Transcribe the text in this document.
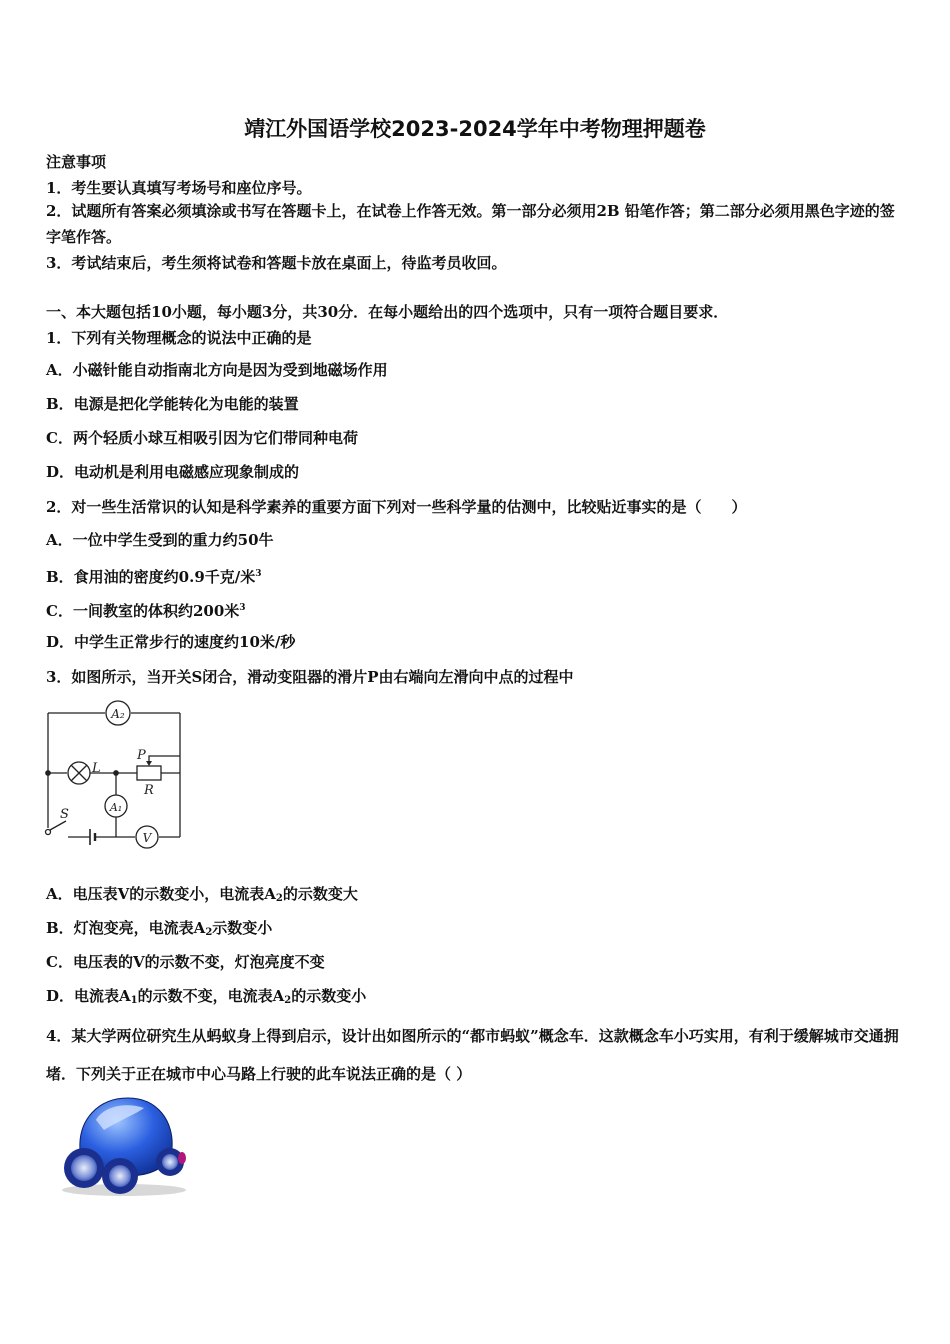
靖江外国语学校2023-2024学年中考物理押题卷
注意事项
1．考生要认真填写考场号和座位序号。
2．试题所有答案必须填涂或书写在答题卡上，在试卷上作答无效。第一部分必须用2B 铅笔作答；第二部分必须用黑色字迹的签字笔作答。
3．考试结束后，考生须将试卷和答题卡放在桌面上，待监考员收回。
一、本大题包括10小题，每小题3分，共30分．在每小题给出的四个选项中，只有一项符合题目要求．
1．下列有关物理概念的说法中正确的是
A．小磁针能自动指南北方向是因为受到地磁场作用
B．电源是把化学能转化为电能的装置
C．两个轻质小球互相吸引因为它们带同种电荷
D．电动机是利用电磁感应现象制成的
2．对一些生活常识的认知是科学素养的重要方面下列对一些科学量的估测中，比较贴近事实的是（　　）
A．一位中学生受到的重力约50牛
B．食用油的密度约0.9千克/米$^3$
C．一间教室的体积约200米$^3$
D．中学生正常步行的速度约10米/秒
3．如图所示，当开关S闭合，滑动变阻器的滑片P由右端向左滑向中点的过程中
A₂
L
P
R
A₁
S
V
A．电压表V的示数变小，电流表$A_2$的示数变大
B．灯泡变亮，电流表$A_2$示数变小
C．电压表的V的示数不变，灯泡亮度不变
D．电流表$A_1$的示数不变，电流表$A_2$的示数变小
4．某大学两位研究生从蚂蚁身上得到启示，设计出如图所示的“都市蚂蚁”概念车．这款概念车小巧实用，有利于缓解城市交通拥堵．下列关于正在城市中心马路上行驶的此车说法正确的是（ ）
